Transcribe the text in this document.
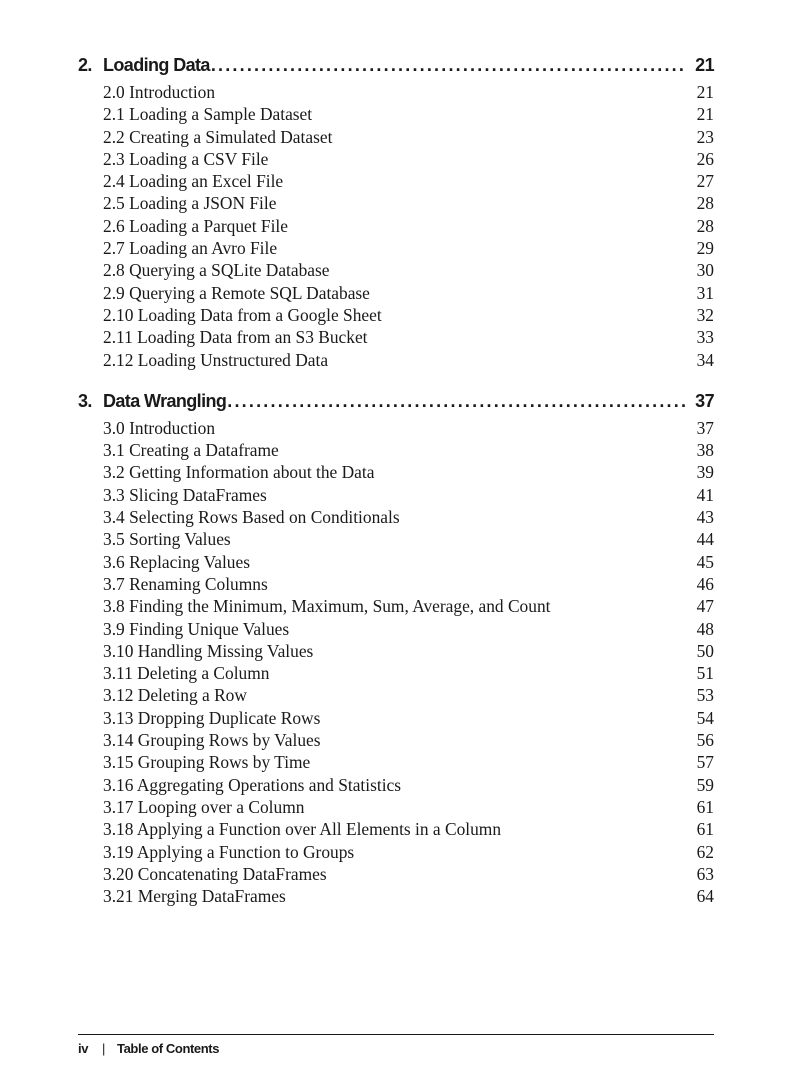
2. Loading Data .....	21
2.0 Introduction	21
2.1 Loading a Sample Dataset	21
2.2 Creating a Simulated Dataset	23
2.3 Loading a CSV File	26
2.4 Loading an Excel File	27
2.5 Loading a JSON File	28
2.6 Loading a Parquet File	28
2.7 Loading an Avro File	29
2.8 Querying a SQLite Database	30
2.9 Querying a Remote SQL Database	31
2.10 Loading Data from a Google Sheet	32
2.11 Loading Data from an S3 Bucket	33
2.12 Loading Unstructured Data	34
3. Data Wrangling .....	37
3.0 Introduction	37
3.1 Creating a Dataframe	38
3.2 Getting Information about the Data	39
3.3 Slicing DataFrames	41
3.4 Selecting Rows Based on Conditionals	43
3.5 Sorting Values	44
3.6 Replacing Values	45
3.7 Renaming Columns	46
3.8 Finding the Minimum, Maximum, Sum, Average, and Count	47
3.9 Finding Unique Values	48
3.10 Handling Missing Values	50
3.11 Deleting a Column	51
3.12 Deleting a Row	53
3.13 Dropping Duplicate Rows	54
3.14 Grouping Rows by Values	56
3.15 Grouping Rows by Time	57
3.16 Aggregating Operations and Statistics	59
3.17 Looping over a Column	61
3.18 Applying a Function over All Elements in a Column	61
3.19 Applying a Function to Groups	62
3.20 Concatenating DataFrames	63
3.21 Merging DataFrames	64
iv | Table of Contents
